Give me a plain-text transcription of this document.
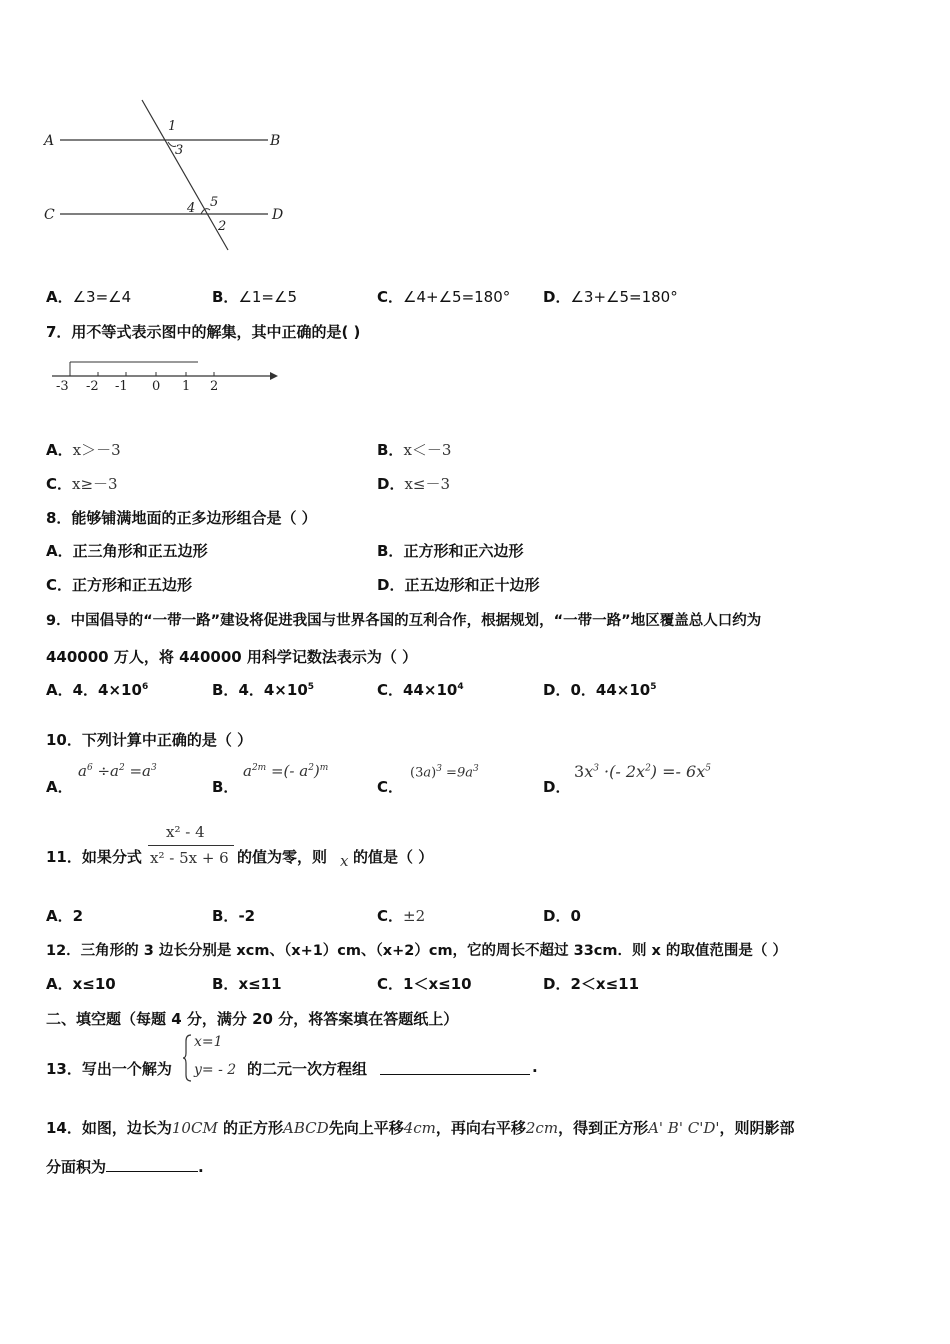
A	B
C	D
1
3
4 5
2
A．∠3=∠4	B．∠1=∠5	C．∠4+∠5=180° D．∠3+∠5=180°
7．用不等式表示图中的解集，其中正确的是( )
-3 -2 -1 0 1 2
A．x＞－3	B．x＜－3
C．x≥－3	D．x≤－3
8．能够铺满地面的正多边形组合是（ ）
A．正三角形和正五边形	B．正方形和正六边形
C．正方形和正五边形	D．正五边形和正十边形
9．中国倡导的“一带一路”建设将促进我国与世界各国的互利合作，根据规划，“一带一路”地区覆盖总人口约为
440000 万人，将 440000 用科学记数法表示为（ ）
A．4．$4\times 10^6$	B．4．$4\times 10^5$	C．$44\times 10^4$	D．0．$44\times 10^5$
10．下列计算中正确的是（ ）
A．
$a^6 \div a^2 =a^3$
B．
$a^{2m}$ =(- $a^2)^m$
C．
$(3a)^3 =9a^3$
D．
$3x^3$ ·(- $2x^2) =- 6x^5$
11．如果分式
x² - 4
x² - 5x + 6 的值为零，则 x 的值是（ ）
A．2	B．-2	C．±2	D．0
12．三角形的 3 边长分别是 xcm、（x+1）cm、（x+2）cm，它的周长不超过 33cm．则 x 的取值范围是（ ）
A．x≤10	B．x≤11	C．1＜x≤10	D．2＜x≤11
二、填空题（每题 4 分，满分 20 分，将答案填在答题纸上）
13．写出一个解为
x=1
y= - 2 的二元一次方程组	.
14．如图，边长为10CM 的正方形ABCD先向上平移4cm，再向右平移2cm，得到正方形A' B' C'D'，则阴影部
分面积为	.
